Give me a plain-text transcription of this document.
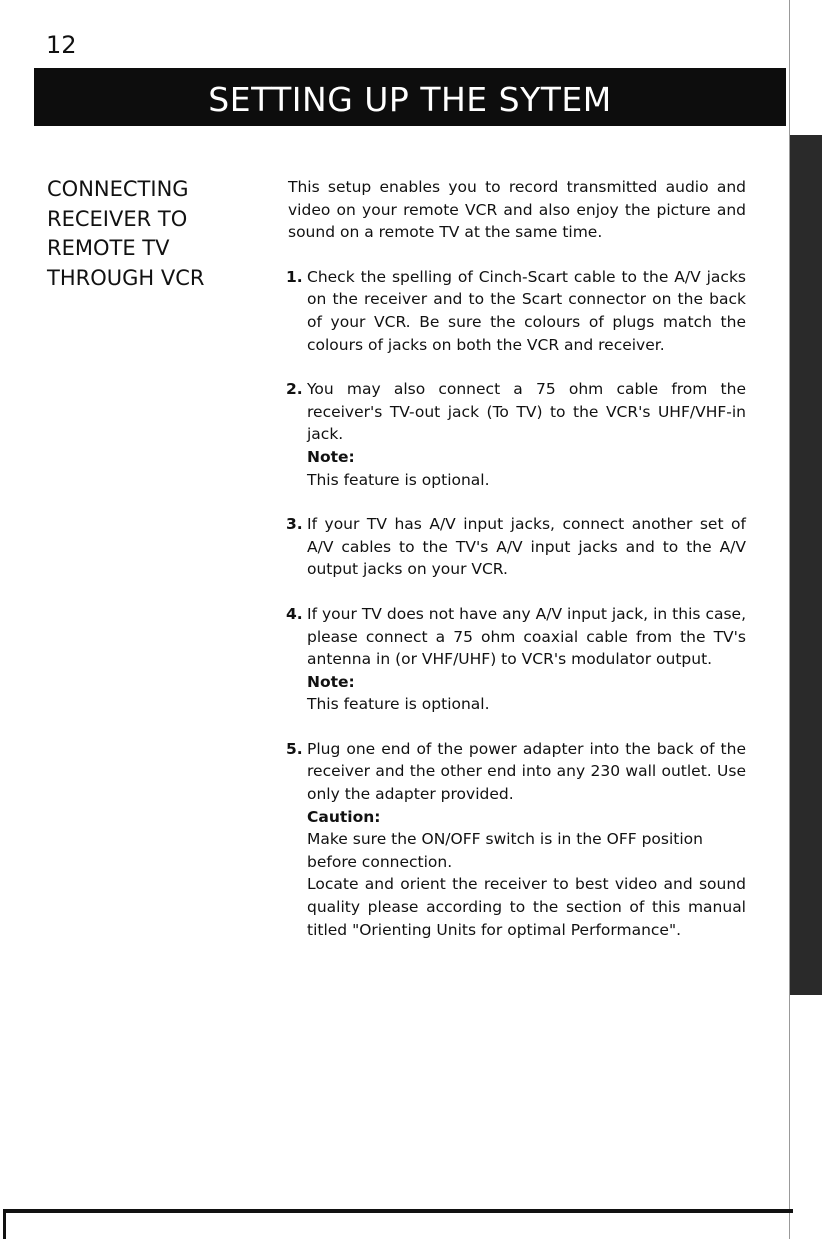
12
SETTING UP THE SYTEM
CONNECTING
RECEIVER TO
REMOTE TV
THROUGH VCR

This setup enables you to record transmitted audio and video on your remote VCR and also enjoy the picture and sound on a remote TV at the same time.

1. Check the spelling of Cinch-Scart cable to the A/V jacks on the receiver and to the Scart connector on the back of your VCR. Be sure the colours of plugs match the colours of jacks on both the VCR and receiver.

2. You may also connect a 75 ohm cable from the receiver's TV-out jack (To TV) to the VCR's UHF/VHF-in jack.

Note:

This feature is optional.

3. If your TV has A/V input jacks, connect another set of A/V cables to the TV's A/V input jacks and to the A/V output jacks on your VCR.

4. If your TV does not have any A/V input jack, in this case, please connect a 75 ohm coaxial cable from the TV's antenna in (or VHF/UHF) to VCR's modulator output.

Note:

This feature is optional.

5. Plug one end of the power adapter into the back of the receiver and the other end into any 230 wall outlet. Use only the adapter provided.

Caution:

Make sure the ON/OFF switch is in the OFF position before connection.

Locate and orient the receiver to best video and sound quality please according to the section of this manual titled "Orienting Units for optimal Performance".
